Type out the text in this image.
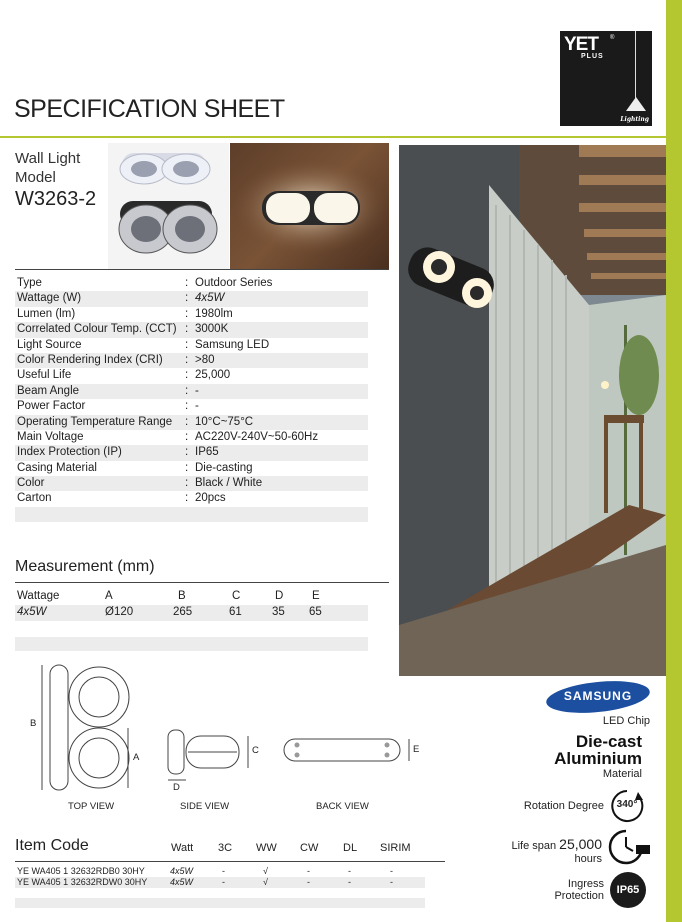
SPECIFICATION SHEET
YET ®
PLUS
Lighting
Wall Light
Model
W3263-2
Type	: Outdoor Series
Wattage (W)	: 4x5W
Lumen (lm)	: 1980lm
Correlated Colour Temp. (CCT) : 3000K
Light Source	: Samsung LED
Color Rendering Index (CRI) : >80
Useful Life	: 25,000
Beam Angle	: -
Power Factor	: -
Operating Temperature Range : 10°C~75°C
Main Voltage	: AC220V-240V~50-60Hz
Index Protection (IP)	: IP65
Casing Material	: Die-casting
Color	: Black / White
Carton	: 20pcs
Measurement (mm)
Wattage	A	B	C	D E
4x5W	Ø120	265	61	35 65
B
A
C
D
E
TOP VIEW	SIDE VIEW	BACK VIEW
SAMSUNG
LED Chip
Die-cast
Aluminium
Material
Rotation Degree	340°
Life span 25,000
hours
Ingress
Protection	IP65
Item Code	Watt 3C WW CW DL SIRIM
YE WA405 1 32632RDB0 30HY	4x5W	-	√	-	-	-
YE WA405 1 32632RDW0 30HY	4x5W	-	√	-	-	-
